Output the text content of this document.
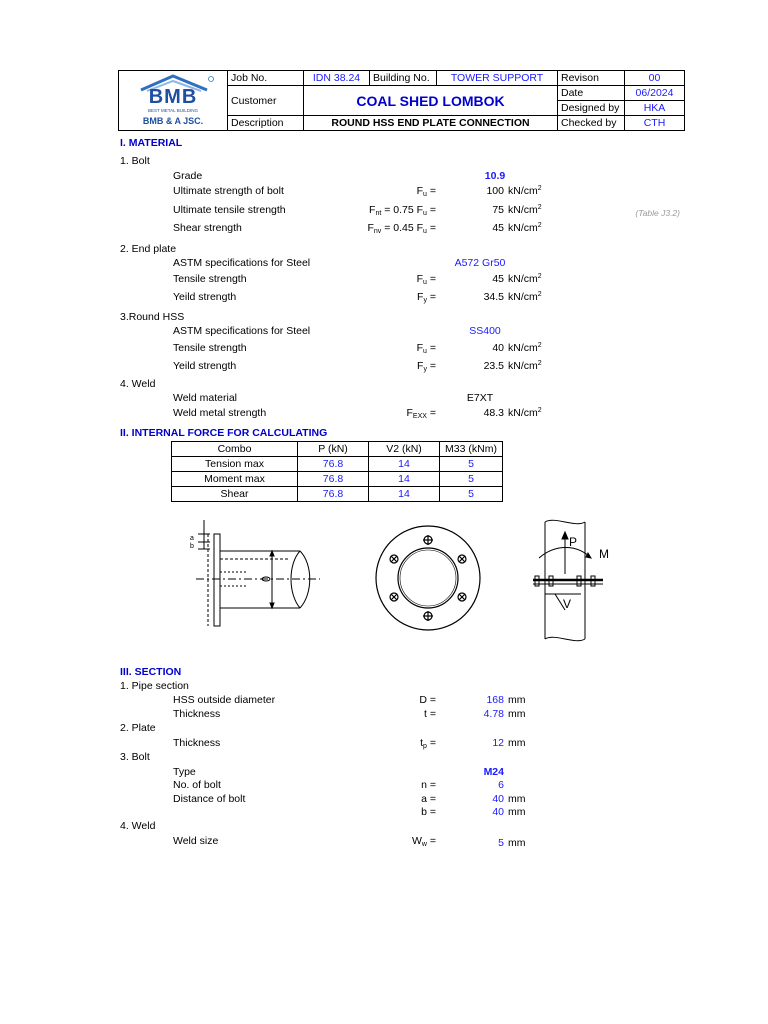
BMB
BEST METAL BUILDING
BMB & A JSC.	Job No.	IDN 38.24	Building No.	TOWER SUPPORT	Revison	00
	Customer	COAL SHED LOMBOK			Date	06/2024
					Designed by	HKA
	Description	ROUND HSS END PLATE CONNECTION			Checked by	CTH
I. MATERIAL
1. Bolt
Grade	10.9
Ultimate strength of bolt	$F_u$ =	100 $kN/cm^2$
Ultimate tensile strength	$F_{nt} = 0.75$ $F_u$ =	75 $kN/cm^2$
(Table J3.2)
Shear strength	$F_{nv} = 0.45$ $F_u$ =	45 $kN/cm^2$
2. End plate
ASTM specifications for Steel	A572 Gr50
Tensile strength	$F_u$ =	45 $kN/cm^2$
Yeild strength	$F_y$ =	34.5 $kN/cm^2$
3.Round HSS
ASTM specifications for Steel	SS400
Tensile strength	$F_u$ =	40 $kN/cm^2$
Yeild strength	$F_y$ =	23.5 $kN/cm^2$
4. Weld
Weld material	E7XT
Weld metal strength	$F_{EXX}$ =	48.3 $kN/cm^2$
II. INTERNAL FORCE FOR CALCULATING
Combo	P (kN)	V2 (kN)	M33 (kNm)
Tension max	76.8	14	5
Moment max	76.8	14	5
Shear	76.8	14	5
a
b	P
M
V
III. SECTION
1. Pipe section
HSS outside diameter	D =	168 mm
Thickness	t =	4.78 mm
2. Plate
Thickness	$t_p$ =	12 mm
3. Bolt
Type	M24
No. of bolt	n =	6
Distance of bolt	a =	40 mm
b =	40 mm
4. Weld
Weld size	$W_w$ =	5 mm
